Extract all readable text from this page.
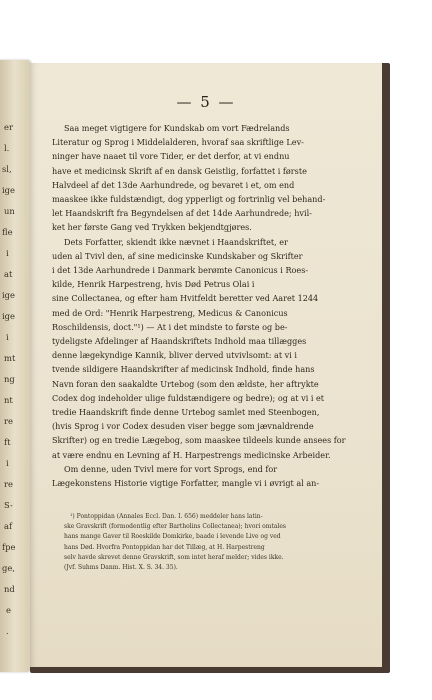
er
l.
sl,
ige
un
fle
i
at
ige
ige
i
mt
ng
nt
re
ft
i
re
S-
af
fpe
ge,
nd
e
.
— 5 —
Saa meget vigtigere for Kundskab om vort Fædrelands
Literatur og Sprog i Middelalderen, hvoraf saa skriftlige Lev-
ninger have naaet til vore Tider, er det derfor, at vi endnu
have et medicinsk Skrift af en dansk Geistlig, forfattet i første
Halvdeel af det 13de Aarhundrede, og bevaret i et, om end
maaskee ikke fuldstændigt, dog ypperligt og fortrinlig vel behand-
let Haandskrift fra Begyndelsen af det 14de Aarhundrede; hvil-
ket her første Gang ved Trykken bekjendtgjøres.
Dets Forfatter, skiendt ikke nævnet i Haandskriftet, er
uden al Tvivl den, af sine medicinske Kundskaber og Skrifter
i det 13de Aarhundrede i Danmark berømte Canonicus i Roes-
kilde, Henrik Harpestreng, hvis Død Petrus Olai i
sine Collectanea, og efter ham Hvitfeldt beretter ved Aaret 1244
med de Ord: "Henrik Harpestreng, Medicus & Canonicus
Roschildensis, doct."¹) — At i det mindste to første og be-
tydeligste Afdelinger af Haandskriftets Indhold maa tillægges
denne lægekyndige Kannik, bliver derved utvivlsomt: at vi i
tvende sildigere Haandskrifter af medicinsk Indhold, finde hans
Navn foran den saakaldte Urtebog (som den ældste, her aftrykte
Codex dog indeholder ulige fuldstændigere og bedre); og at vi i et
tredie Haandskrift finde denne Urtebog samlet med Steenbogen,
(hvis Sprog i vor Codex desuden viser begge som jævnaldrende
Skrifter) og en tredie Lægebog, som maaskee tildeels kunde ansees for
at være endnu en Levning af H. Harpestrengs medicinske Arbeider.
Om denne, uden Tvivl mere for vort Sprogs, end for
Lægekonstens Historie vigtige Forfatter, mangle vi i øvrigt al an-
¹) Pontoppidan (Annales Eccl. Dan. I. 656) meddeler hans latin-
ske Gravskrift (formodentlig efter Bartholins Collectanea); hvori omtales
hans mange Gaver til Roeskilde Domkirke, baade i levende Live og ved
hans Død. Hvorfra Pontoppidan har det Tillæg, at H. Harpestreng
selv havde skrevet denne Gravskrift, som intet heraf melder; vides ikke.
(Jvf. Suhms Danm. Hist. X. S. 34. 35).
